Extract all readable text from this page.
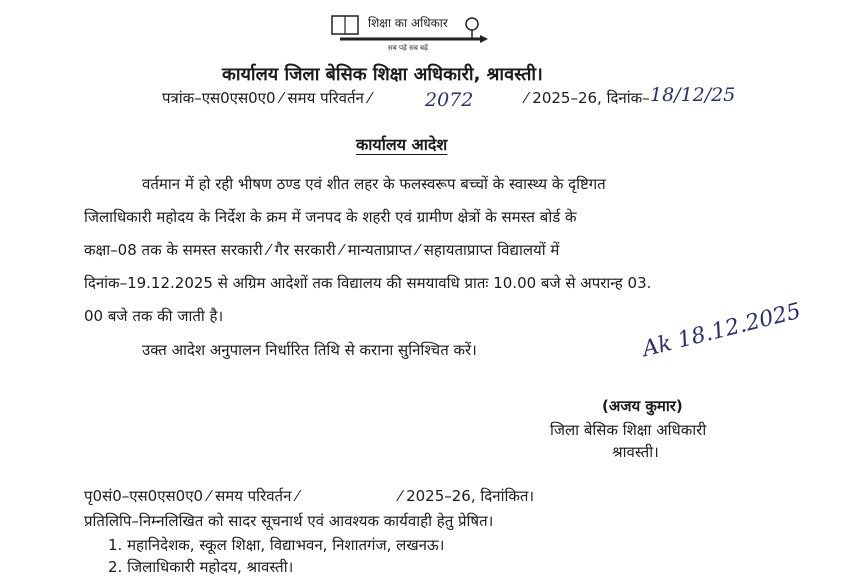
शिक्षा का अधिकार
सब पढ़ें सब बढ़ें
कार्यालय जिला बेसिक शिक्षा अधिकारी, श्रावस्ती।
पत्रांक–एस0एस0ए0 ⁄ समय परिवर्तन ⁄	2072	⁄ 2025–26, दिनांक– 18/12/25
कार्यालय आदेश
वर्तमान में हो रही भीषण ठण्ड एवं शीत लहर के फलस्वरूप बच्चों के स्वास्थ्य के दृष्टिगत
जिलाधिकारी महोदय के निर्देश के क्रम में जनपद के शहरी एवं ग्रामीण क्षेत्रों के समस्त बोर्ड के
कक्षा–08 तक के समस्त सरकारी ⁄ गैर सरकारी ⁄ मान्यताप्राप्त ⁄ सहायताप्राप्त विद्यालयों में
दिनांक–19.12.2025 से अग्रिम आदेशों तक विद्यालय की समयावधि प्रातः 10.00 बजे से अपरान्ह 03.
00 बजे तक की जाती है।
उक्त आदेश अनुपालन निर्धारित तिथि से कराना सुनिश्चित करें।	Ak 18.12.2025
(अजय कुमार)
जिला बेसिक शिक्षा अधिकारी
श्रावस्ती।
पृ0सं0–एस0एस0ए0 ⁄ समय परिवर्तन ⁄                     ⁄ 2025–26, दिनांकित।
प्रतिलिपि–निम्नलिखित को सादर सूचनार्थ एवं आवश्यक कार्यवाही हेतु प्रेषित।
1. महानिदेशक, स्कूल शिक्षा, विद्याभवन, निशातगंज, लखनऊ।
2. जिलाधिकारी महोदय, श्रावस्ती।
